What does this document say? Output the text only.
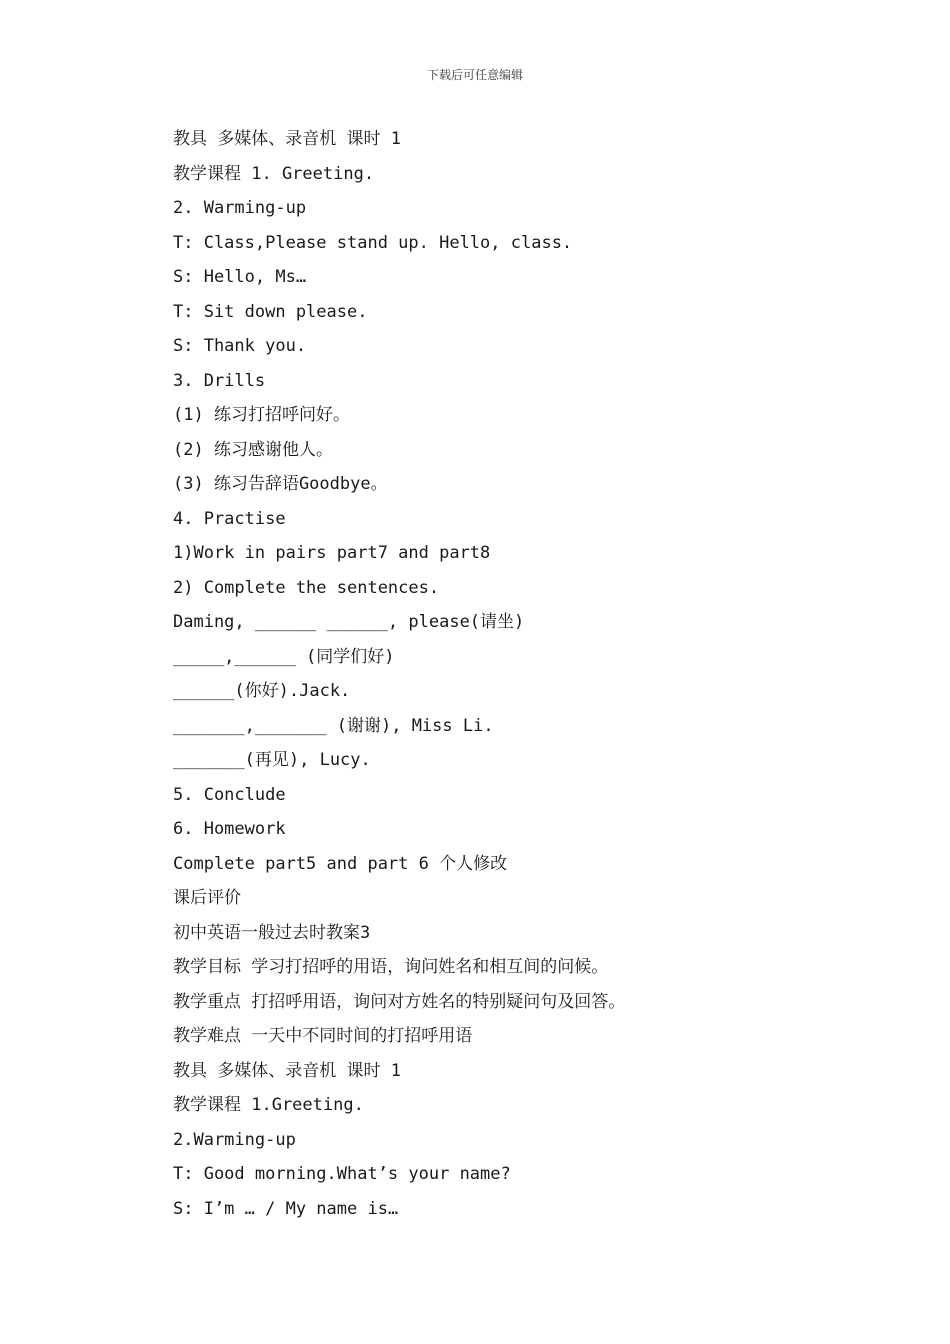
下载后可任意编辑
教具 多媒体、录音机 课时 1
教学课程 1. Greeting.
2. Warming-up
T: Class,Please stand up. Hello, class.
S: Hello, Ms…
T: Sit down please.
S: Thank you.
3. Drills
(1) 练习打招呼问好。
(2) 练习感谢他人。
(3) 练习告辞语Goodbye。
4. Practise
1)Work in pairs part7 and part8
2) Complete the sentences.
Daming, ______ ______, please(请坐)
_____,______ (同学们好)
______(你好).Jack.
_______,_______ (谢谢), Miss Li.
_______(再见), Lucy.
5. Conclude
6. Homework
Complete part5 and part 6 个人修改
课后评价
初中英语一般过去时教案3
教学目标 学习打招呼的用语，询问姓名和相互间的问候。
教学重点 打招呼用语，询问对方姓名的特别疑问句及回答。
教学难点 一天中不同时间的打招呼用语
教具 多媒体、录音机 课时 1
教学课程 1.Greeting.
2.Warming-up
T: Good morning.What’s your name?
S: I’m … / My name is…
